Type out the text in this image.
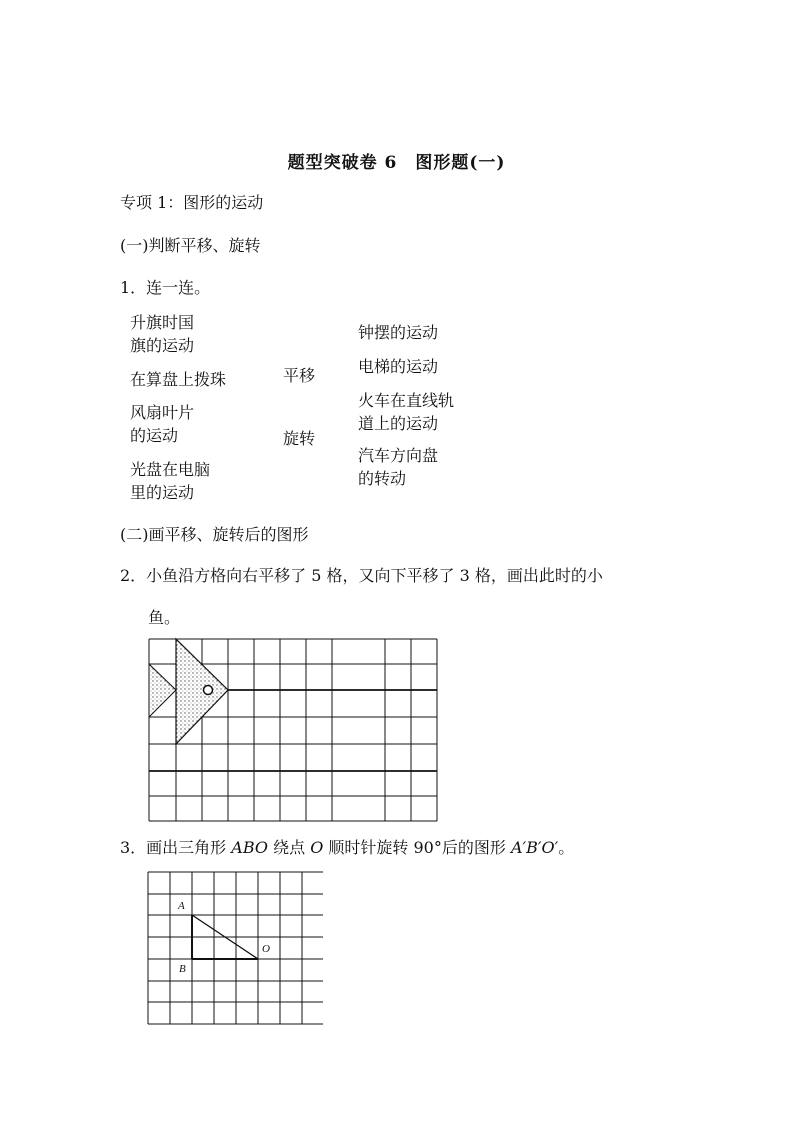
题型突破卷 6　图形题(一)
专项 1：图形的运动
(一)判断平移、旋转
1．连一连。
升旗时国
旗的运动
在算盘上拨珠
风扇叶片
的运动
光盘在电脑
里的运动
平移
旋转
钟摆的运动
电梯的运动
火车在直线轨
道上的运动
汽车方向盘
的转动
(二)画平移、旋转后的图形
2．小鱼沿方格向右平移了 5 格，又向下平移了 3 格，画出此时的小
鱼。
3．画出三角形 ABO 绕点 O 顺时针旋转 90°后的图形 A′B′O′。
A
B
O
